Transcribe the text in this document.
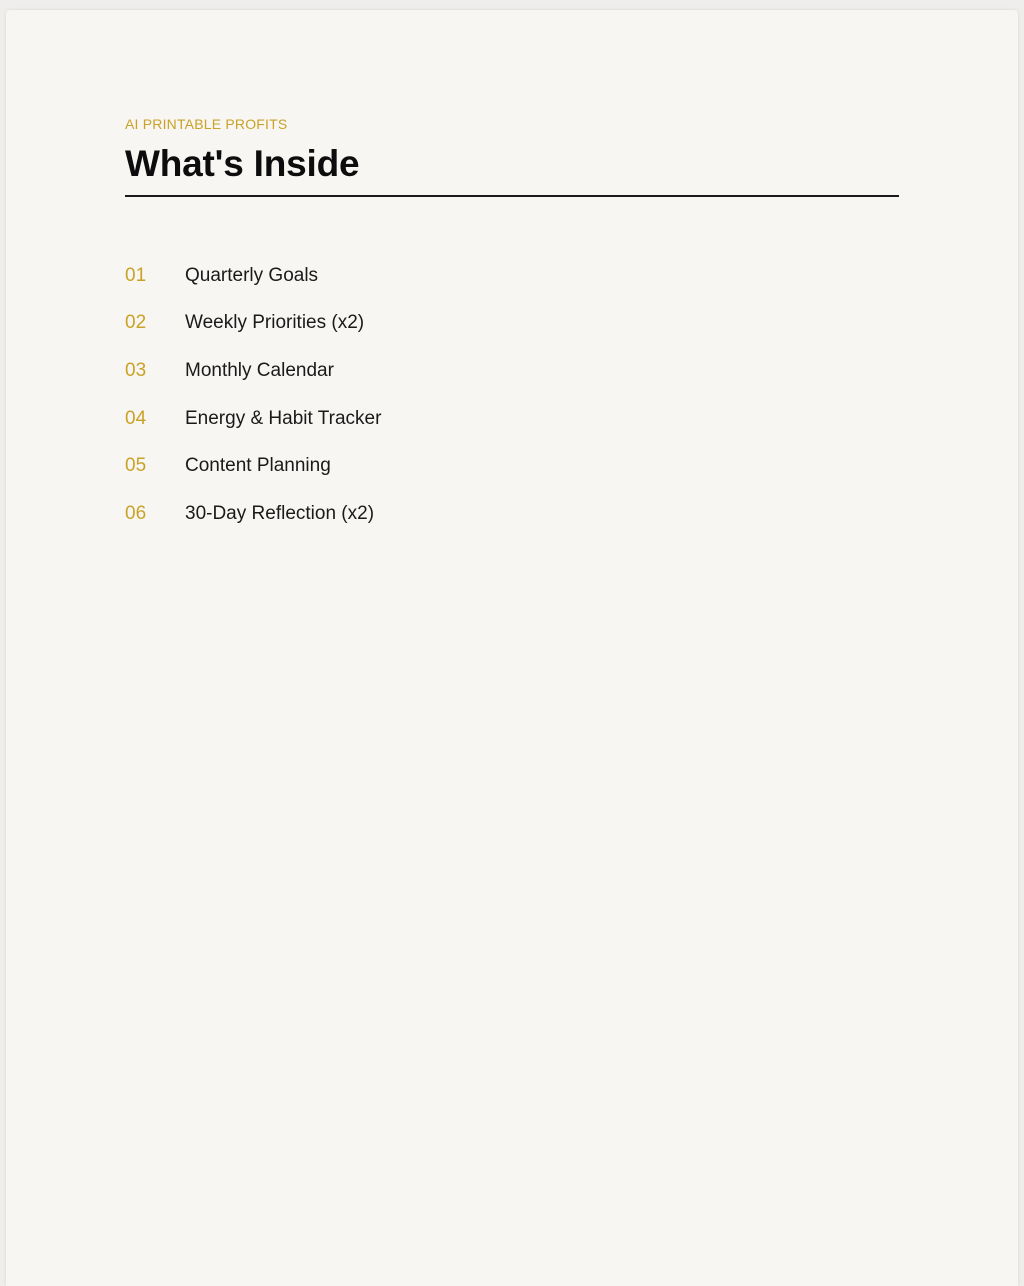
AI PRINTABLE PROFITS
What's Inside
01	Quarterly Goals
02	Weekly Priorities (x2)
03	Monthly Calendar
04	Energy & Habit Tracker
05	Content Planning
06	30-Day Reflection (x2)
